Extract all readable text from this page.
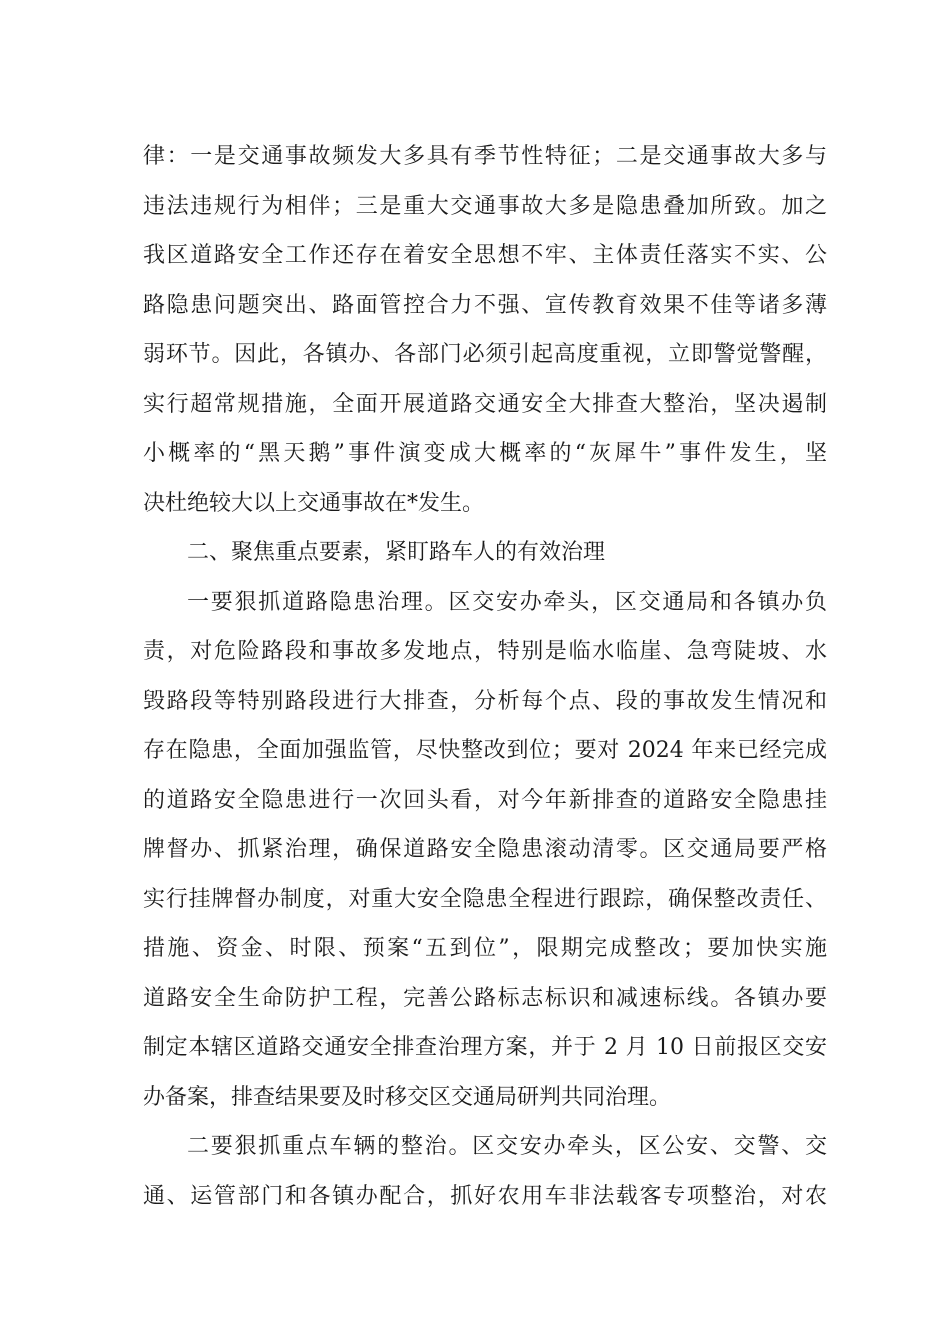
律：一是交通事故频发大多具有季节性特征；二是交通事故大多与
违法违规行为相伴；三是重大交通事故大多是隐患叠加所致。加之
我区道路安全工作还存在着安全思想不牢、主体责任落实不实、公
路隐患问题突出、路面管控合力不强、宣传教育效果不佳等诸多薄
弱环节。因此，各镇办、各部门必须引起高度重视，立即警觉警醒，
实行超常规措施，全面开展道路交通安全大排查大整治，坚决遏制
小概率的“黑天鹅”事件演变成大概率的“灰犀牛”事件发生，坚
决杜绝较大以上交通事故在*发生。
二、聚焦重点要素，紧盯路车人的有效治理
一要狠抓道路隐患治理。区交安办牵头，区交通局和各镇办负
责，对危险路段和事故多发地点，特别是临水临崖、急弯陡坡、水
毁路段等特别路段进行大排查，分析每个点、段的事故发生情况和
存在隐患，全面加强监管，尽快整改到位；要对 2024 年来已经完成
的道路安全隐患进行一次回头看，对今年新排查的道路安全隐患挂
牌督办、抓紧治理，确保道路安全隐患滚动清零。区交通局要严格
实行挂牌督办制度，对重大安全隐患全程进行跟踪，确保整改责任、
措施、资金、时限、预案“五到位”，限期完成整改；要加快实施
道路安全生命防护工程，完善公路标志标识和减速标线。各镇办要
制定本辖区道路交通安全排查治理方案，并于 2 月 10 日前报区交安
办备案，排查结果要及时移交区交通局研判共同治理。
二要狠抓重点车辆的整治。区交安办牵头，区公安、交警、交
通、运管部门和各镇办配合，抓好农用车非法载客专项整治，对农
